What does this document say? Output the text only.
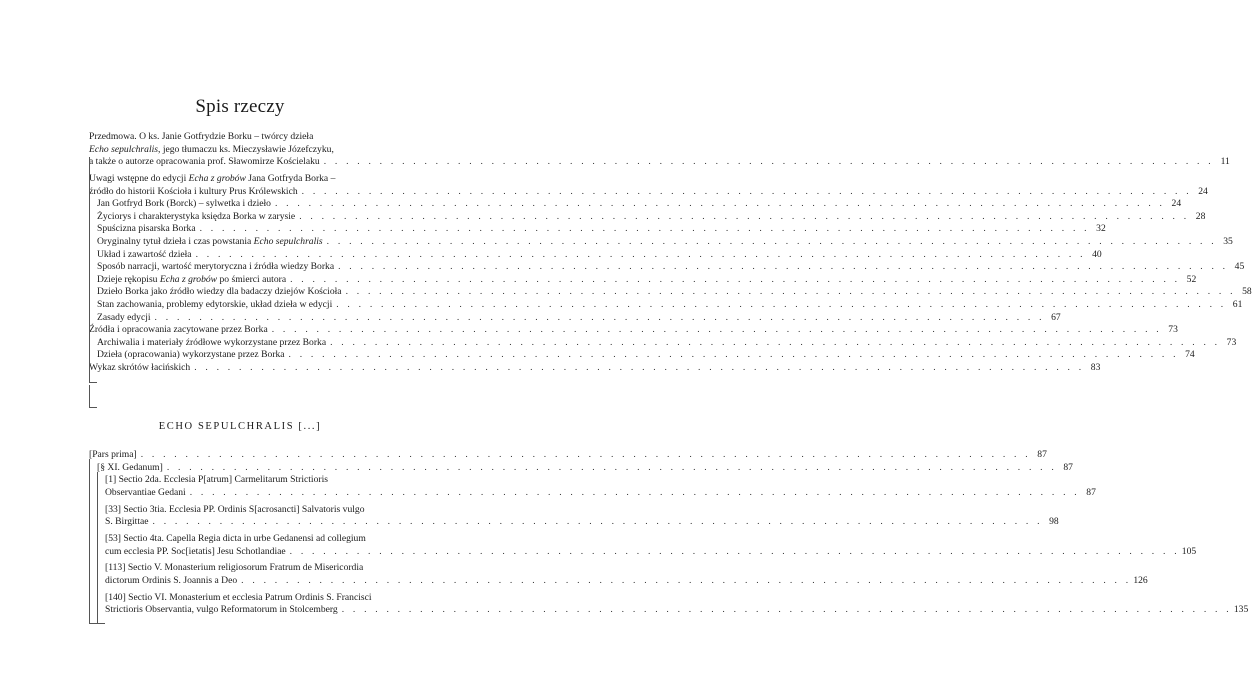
Spis rzeczy
Przedmowa. O ks. Janie Gotfrydzie Borku – twórcy dzieła
Echo sepulchralis, jego tłumaczu ks. Mieczysławie Józefczyku,
a także o autorze opracowania prof. Sławomirze Kościelaku . . . . . . . . . . . . . . . . . . . . . . . . . . . . . . . . . . . . . . . . . . . . . . . . . . . . . . . . . . . . . . . . . . . . . . . . . . . . . . . . 11
Uwagi wstępne do edycji Echa z grobów Jana Gotfryda Borka –
źródło do historii Kościoła i kultury Prus Królewskich . . . . . . . . . . . . . . . . . . . . . . . . . . . . . . . . . . . . . . . . . . . . . . . . . . . . . . . . . . . . . . . . . . . . . . . . . . . . . . . . 24
Jan Gotfryd Bork (Borck) – sylwetka i dzieło . . . . . . . . . . . . . . . . . . . . . . . . . . . . . . . . . . . . . . . . . . . . . . . . . . . . . . . . . . . . . . . . . . . . . . . . . . . . . . . . 24
Życiorys i charakterystyka księdza Borka w zarysie . . . . . . . . . . . . . . . . . . . . . . . . . . . . . . . . . . . . . . . . . . . . . . . . . . . . . . . . . . . . . . . . . . . . . . . . . . . . . . . . 28
Spuścizna pisarska Borka . . . . . . . . . . . . . . . . . . . . . . . . . . . . . . . . . . . . . . . . . . . . . . . . . . . . . . . . . . . . . . . . . . . . . . . . . . . . . . . . 32
Oryginalny tytuł dzieła i czas powstania Echo sepulchralis . . . . . . . . . . . . . . . . . . . . . . . . . . . . . . . . . . . . . . . . . . . . . . . . . . . . . . . . . . . . . . . . . . . . . . . . . . . . . . . . 35
Układ i zawartość dzieła . . . . . . . . . . . . . . . . . . . . . . . . . . . . . . . . . . . . . . . . . . . . . . . . . . . . . . . . . . . . . . . . . . . . . . . . . . . . . . . . 40
Sposób narracji, wartość merytoryczna i źródła wiedzy Borka . . . . . . . . . . . . . . . . . . . . . . . . . . . . . . . . . . . . . . . . . . . . . . . . . . . . . . . . . . . . . . . . . . . . . . . . . . . . . . . . 45
Dzieje rękopisu Echa z grobów po śmierci autora . . . . . . . . . . . . . . . . . . . . . . . . . . . . . . . . . . . . . . . . . . . . . . . . . . . . . . . . . . . . . . . . . . . . . . . . . . . . . . . . 52
Dzieło Borka jako źródło wiedzy dla badaczy dziejów Kościoła . . . . . . . . . . . . . . . . . . . . . . . . . . . . . . . . . . . . . . . . . . . . . . . . . . . . . . . . . . . . . . . . . . . . . . . . . . . . . . . . 58
Stan zachowania, problemy edytorskie, układ dzieła w edycji . . . . . . . . . . . . . . . . . . . . . . . . . . . . . . . . . . . . . . . . . . . . . . . . . . . . . . . . . . . . . . . . . . . . . . . . . . . . . . . . 61
Zasady edycji . . . . . . . . . . . . . . . . . . . . . . . . . . . . . . . . . . . . . . . . . . . . . . . . . . . . . . . . . . . . . . . . . . . . . . . . . . . . . . . . 67
Źródła i opracowania zacytowane przez Borka . . . . . . . . . . . . . . . . . . . . . . . . . . . . . . . . . . . . . . . . . . . . . . . . . . . . . . . . . . . . . . . . . . . . . . . . . . . . . . . . 73
Archiwalia i materiały źródłowe wykorzystane przez Borka . . . . . . . . . . . . . . . . . . . . . . . . . . . . . . . . . . . . . . . . . . . . . . . . . . . . . . . . . . . . . . . . . . . . . . . . . . . . . . . . 73
Dzieła (opracowania) wykorzystane przez Borka . . . . . . . . . . . . . . . . . . . . . . . . . . . . . . . . . . . . . . . . . . . . . . . . . . . . . . . . . . . . . . . . . . . . . . . . . . . . . . . . 74
Wykaz skrótów łacińskich . . . . . . . . . . . . . . . . . . . . . . . . . . . . . . . . . . . . . . . . . . . . . . . . . . . . . . . . . . . . . . . . . . . . . . . . . . . . . . . . 83
ECHO SEPULCHRALIS [...]
[Pars prima] . . . . . . . . . . . . . . . . . . . . . . . . . . . . . . . . . . . . . . . . . . . . . . . . . . . . . . . . . . . . . . . . . . . . . . . . . . . . . . . . 87
[§ XI. Gedanum] . . . . . . . . . . . . . . . . . . . . . . . . . . . . . . . . . . . . . . . . . . . . . . . . . . . . . . . . . . . . . . . . . . . . . . . . . . . . . . . . 87
[1] Sectio 2da. Ecclesia P[atrum] Carmelitarum Strictioris
Observantiae Gedani . . . . . . . . . . . . . . . . . . . . . . . . . . . . . . . . . . . . . . . . . . . . . . . . . . . . . . . . . . . . . . . . . . . . . . . . . . . . . . . . 87
[33] Sectio 3tia. Ecclesia PP. Ordinis S[acrosancti] Salvatoris vulgo
S. Birgittae . . . . . . . . . . . . . . . . . . . . . . . . . . . . . . . . . . . . . . . . . . . . . . . . . . . . . . . . . . . . . . . . . . . . . . . . . . . . . . . . 98
[53] Sectio 4ta. Capella Regia dicta in urbe Gedanensi ad collegium
cum ecclesia PP. Soc[ietatis] Jesu Schotlandiae . . . . . . . . . . . . . . . . . . . . . . . . . . . . . . . . . . . . . . . . . . . . . . . . . . . . . . . . . . . . . . . . . . . . . . . . . . . . . . . . 105
[113] Sectio V. Monasterium religiosorum Fratrum de Misericordia
dictorum Ordinis S. Joannis a Deo . . . . . . . . . . . . . . . . . . . . . . . . . . . . . . . . . . . . . . . . . . . . . . . . . . . . . . . . . . . . . . . . . . . . . . . . . . . . . . . . 126
[140] Sectio VI. Monasterium et ecclesia Patrum Ordinis S. Francisci
Strictioris Observantia, vulgo Reformatorum in Stolcemberg . . . . . . . . . . . . . . . . . . . . . . . . . . . . . . . . . . . . . . . . . . . . . . . . . . . . . . . . . . . . . . . . . . . . . . . . . . . . . . . . 135
